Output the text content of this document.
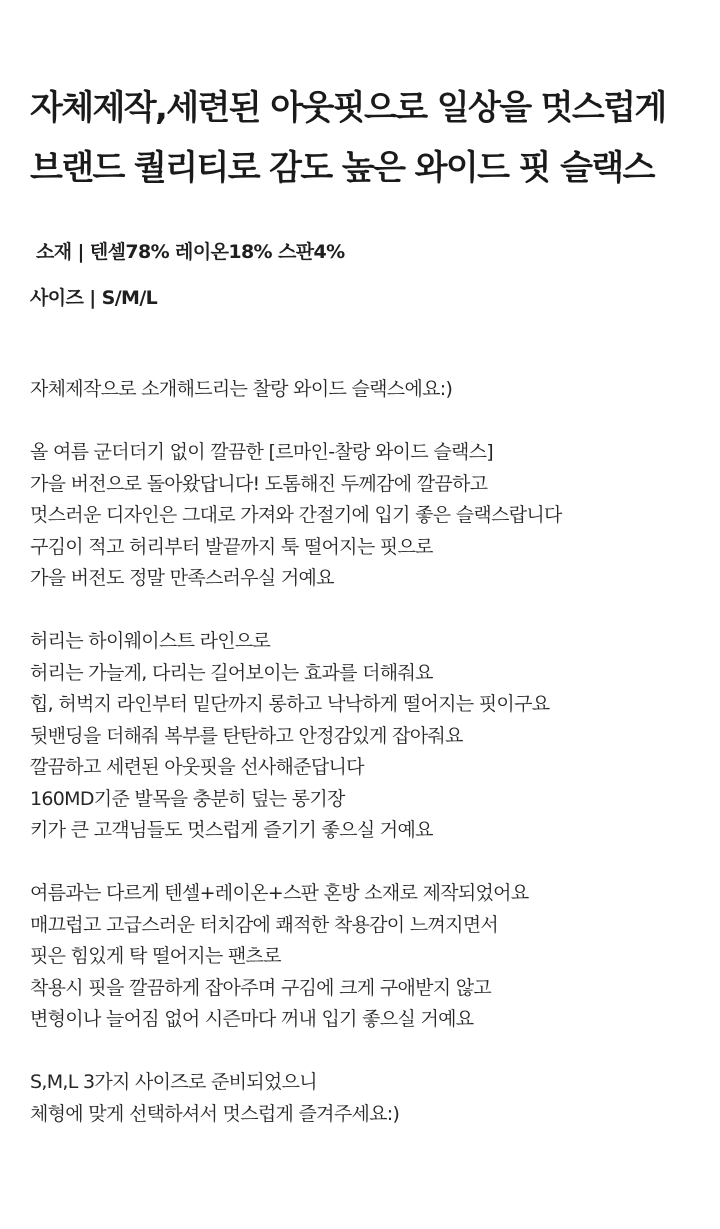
자체제작,세련된 아웃핏으로 일상을 멋스럽게
브랜드 퀄리티로 감도 높은 와이드 핏 슬랙스
소재 | 텐셀78% 레이온18% 스판4%
사이즈 | S/M/L

자체제작으로 소개해드리는 찰랑 와이드 슬랙스에요:)

올 여름 군더더기 없이 깔끔한 [르마인-찰랑 와이드 슬랙스]
가을 버전으로 돌아왔답니다! 도톰해진 두께감에 깔끔하고
멋스러운 디자인은 그대로 가져와 간절기에 입기 좋은 슬랙스랍니다
구김이 적고 허리부터 발끝까지 툭 떨어지는 핏으로
가을 버전도 정말 만족스러우실 거예요

허리는 하이웨이스트 라인으로
허리는 가늘게, 다리는 길어보이는 효과를 더해줘요
힙, 허벅지 라인부터 밑단까지 롱하고 낙낙하게 떨어지는 핏이구요
뒷밴딩을 더해줘 복부를 탄탄하고 안정감있게 잡아줘요
깔끔하고 세련된 아웃핏을 선사해준답니다
160MD기준 발목을 충분히 덮는 롱기장
키가 큰 고객님들도 멋스럽게 즐기기 좋으실 거예요

여름과는 다르게 텐셀+레이온+스판 혼방 소재로 제작되었어요
매끄럽고 고급스러운 터치감에 쾌적한 착용감이 느껴지면서
핏은 힘있게 탁 떨어지는 팬츠로
착용시 핏을 깔끔하게 잡아주며 구김에 크게 구애받지 않고
변형이나 늘어짐 없어 시즌마다 꺼내 입기 좋으실 거예요

S,M,L 3가지 사이즈로 준비되었으니
체형에 맞게 선택하셔서 멋스럽게 즐겨주세요:)
